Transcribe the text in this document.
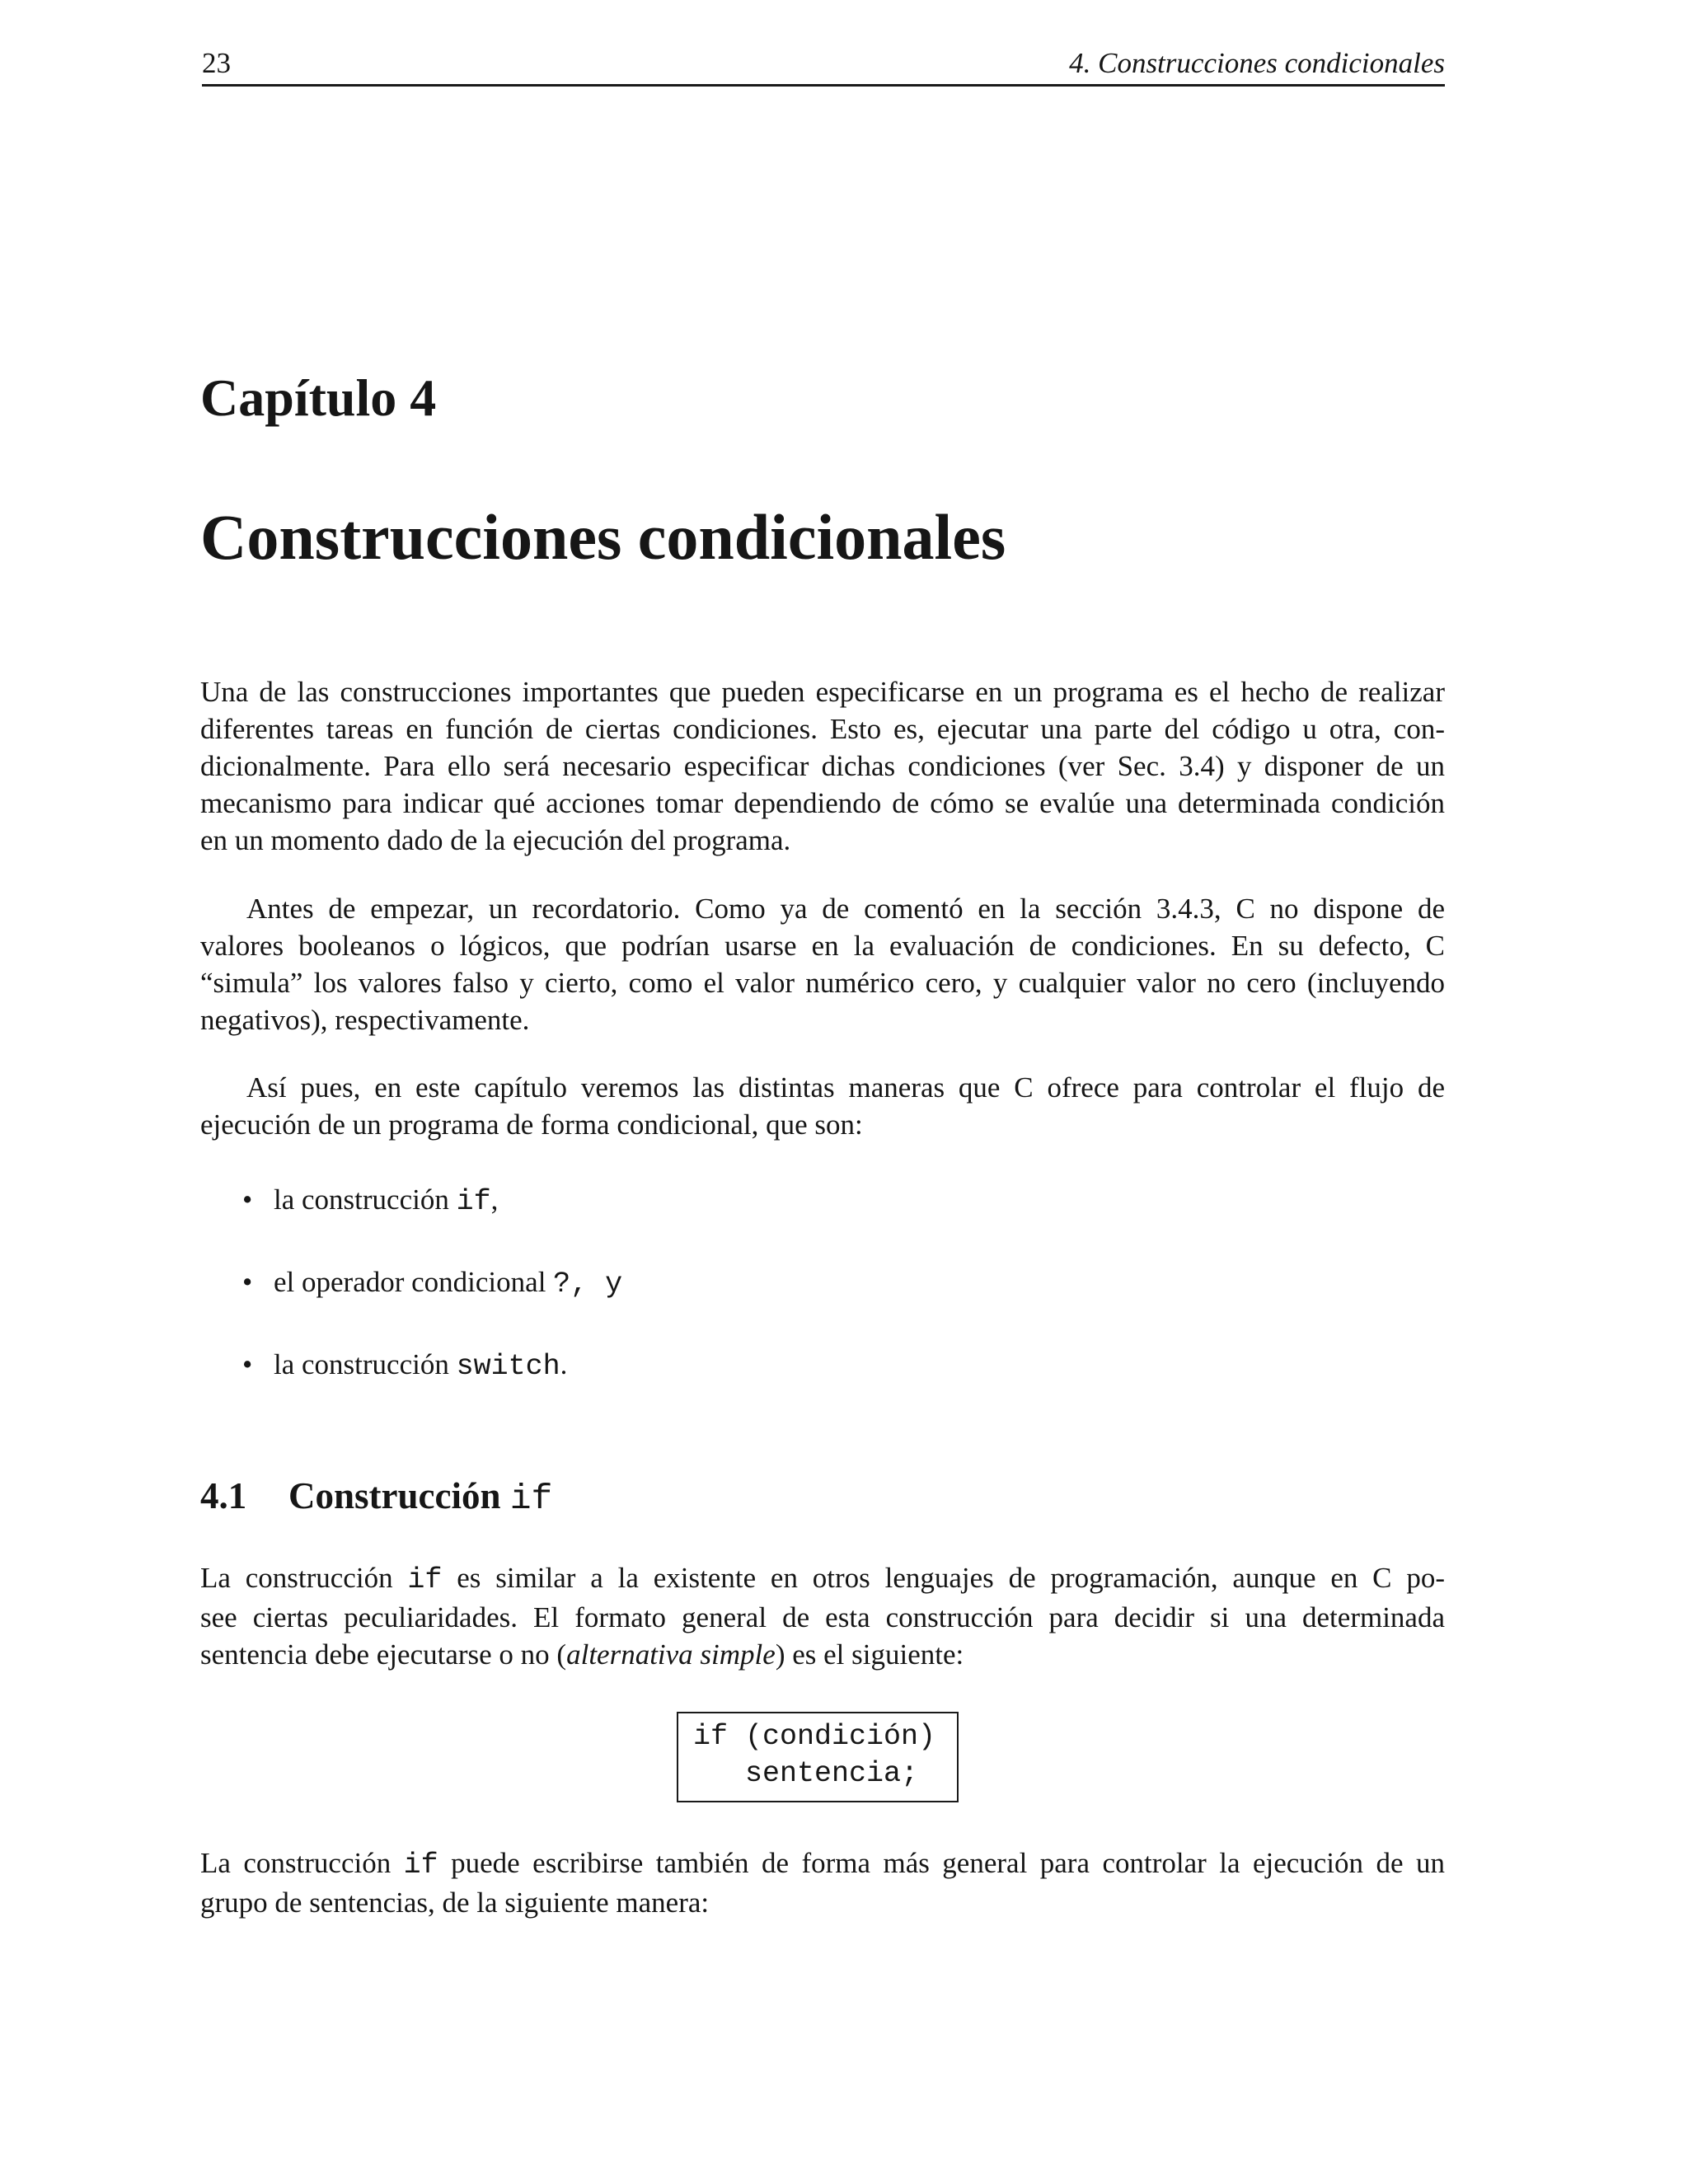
23	4. Construcciones condicionales
Capítulo 4
Construcciones condicionales

Una de las construcciones importantes que pueden especificarse en un programa es el hecho de realizar

diferentes tareas en función de ciertas condiciones. Esto es, ejecutar una parte del código u otra, con-

dicionalmente. Para ello será necesario especificar dichas condiciones (ver Sec. 3.4) y disponer de un

mecanismo para indicar qué acciones tomar dependiendo de cómo se evalúe una determinada condición

en un momento dado de la ejecución del programa.

Antes de empezar, un recordatorio. Como ya de comentó en la sección 3.4.3, C no dispone de

valores booleanos o lógicos, que podrían usarse en la evaluación de condiciones. En su defecto, C

“simula” los valores falso y cierto, como el valor numérico cero, y cualquier valor no cero (incluyendo

negativos), respectivamente.

Así pues, en este capítulo veremos las distintas maneras que C ofrece para controlar el flujo de

ejecución de un programa de forma condicional, que son:

• la construcción if,
• el operador condicional ?, y
• la construcción switch.
4.1 Construcción if

La construcción if es similar a la existente en otros lenguajes de programación, aunque en C po-

see ciertas peculiaridades. El formato general de esta construcción para decidir si una determinada

sentencia debe ejecutarse o no (alternativa simple) es el siguiente:

if (condición)
sentencia;

La construcción if puede escribirse también de forma más general para controlar la ejecución de un

grupo de sentencias, de la siguiente manera:
